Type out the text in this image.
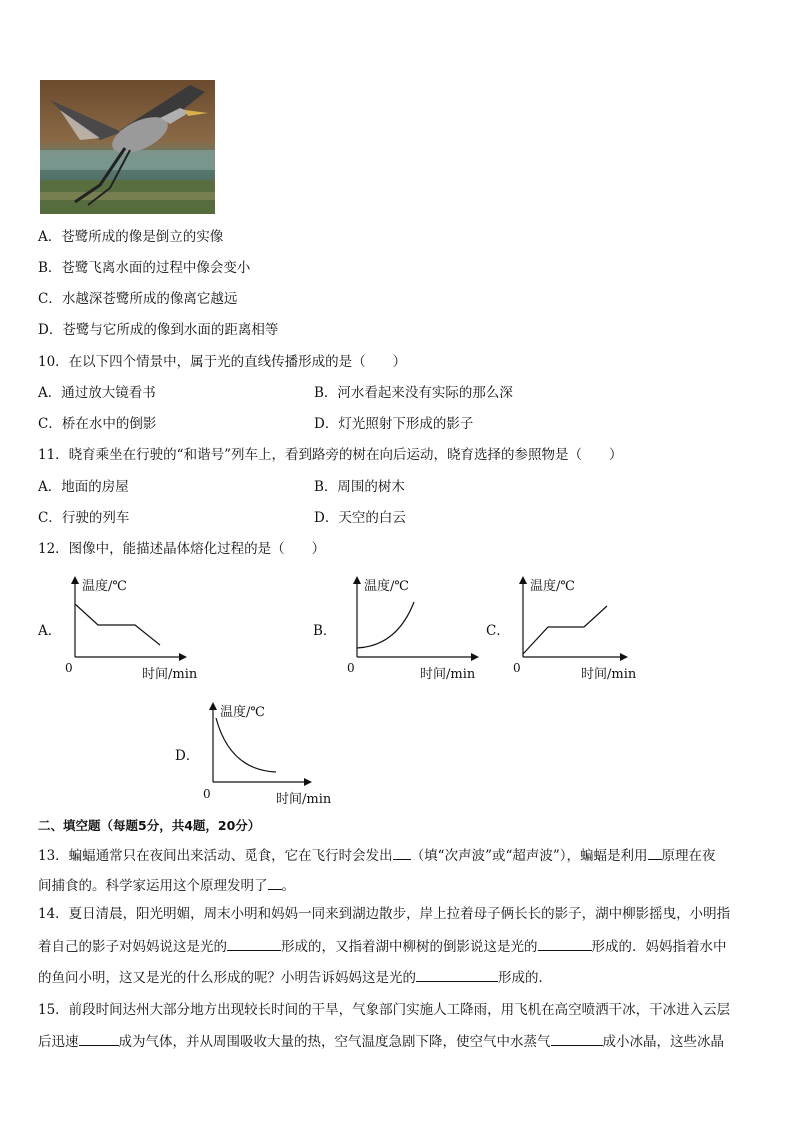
A．苍鹭所成的像是倒立的实像
B．苍鹭飞离水面的过程中像会变小
C．水越深苍鹭所成的像离它越远
D．苍鹭与它所成的像到水面的距离相等
10．在以下四个情景中，属于光的直线传播形成的是（　　）
A．通过放大镜看书	B．河水看起来没有实际的那么深
C．桥在水中的倒影	D．灯光照射下形成的影子
11．晓育乘坐在行驶的“和谐号”列车上，看到路旁的树在向后运动，晓育选择的参照物是（　　）
A．地面的房屋	B．周围的树木
C．行驶的列车	D．天空的白云
12．图像中，能描述晶体熔化过程的是（　　）
A．	B．	C．
D．
温度/℃
0	时间/min
温度/℃
0	时间/min
温度/℃
0	时间/min
温度/℃
0	时间/min
二、填空题（每题5分，共4题，20分）
13．蝙蝠通常只在夜间出来活动、觅食，它在飞行时会发出 （填“次声波”或“超声波”），蝙蝠是利用 原理在夜
间捕食的。科学家运用这个原理发明了 。
14．夏日清晨，阳光明媚，周末小明和妈妈一同来到湖边散步，岸上拉着母子俩长长的影子，湖中柳影摇曳，小明指
着自己的影子对妈妈说这是光的	形成的，又指着湖中柳树的倒影说这是光的	形成的．妈妈指着水中
的鱼问小明，这又是光的什么形成的呢？小明告诉妈妈这是光的	形成的．
15．前段时间达州大部分地方出现较长时间的干旱，气象部门实施人工降雨，用飞机在高空喷洒干冰，干冰进入云层
后迅速	成为气体，并从周围吸收大量的热，空气温度急剧下降，使空气中水蒸气	成小冰晶，这些冰晶
